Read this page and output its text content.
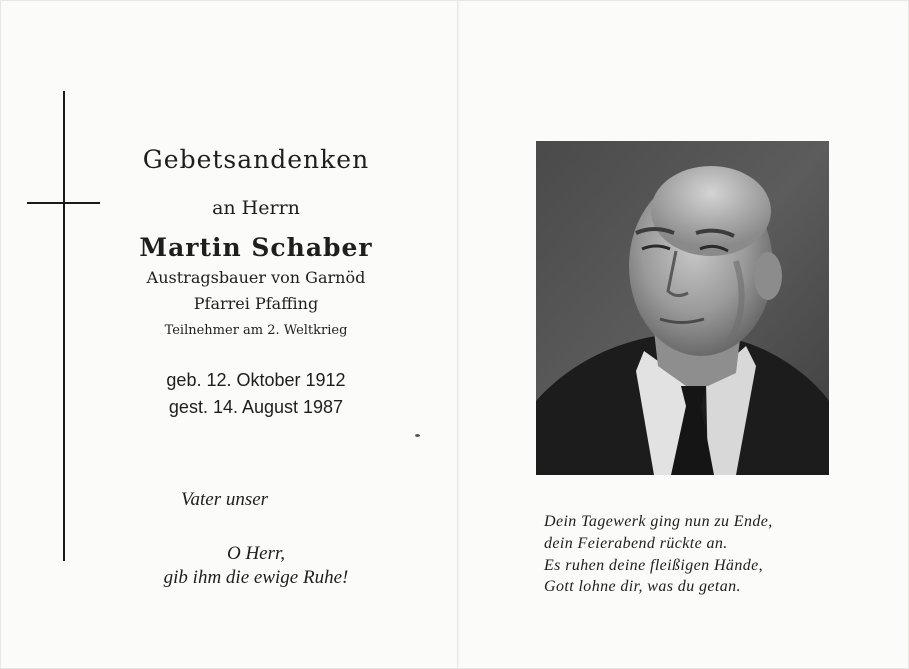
Gebetsandenken
an Herrn
Martin Schaber
Austragsbauer von Garnöd
Pfarrei Pfaffing
Teilnehmer am 2. Weltkrieg
geb. 12. Oktober 1912
gest. 14. August 1987
Vater unser
O Herr,
gib ihm die ewige Ruhe!
Dein Tagewerk ging nun zu Ende,
dein Feierabend rückte an.
Es ruhen deine fleißigen Hände,
Gott lohne dir, was du getan.
